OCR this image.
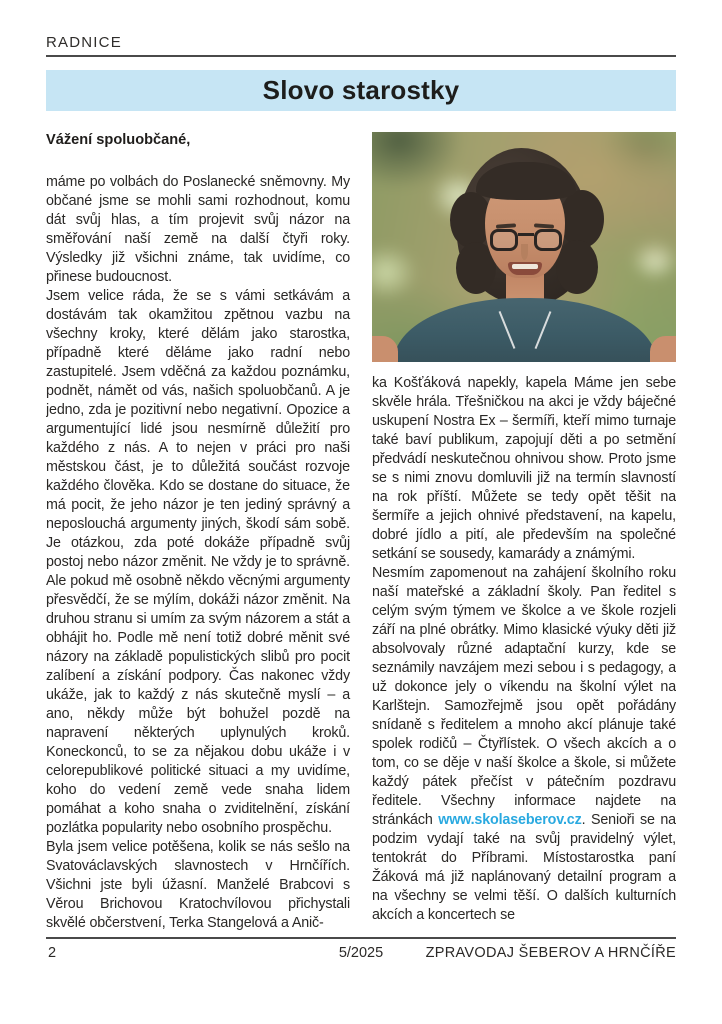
RADNICE
Slovo starostky

Vážení spoluobčané,

máme po volbách do Poslanecké sněmovny. My občané jsme se mohli sami rozhodnout, komu dát svůj hlas, a tím projevit svůj názor na směřování naší země na další čtyři roky. Výsledky již všichni známe, tak uvidíme, co přinese budoucnost.

Jsem velice ráda, že se s vámi setkávám a dostávám tak okamžitou zpětnou vazbu na všechny kroky, které dělám jako starostka, případně které děláme jako radní nebo zastupitelé. Jsem vděčná za každou poznámku, podnět, námět od vás, našich spoluobčanů. A je jedno, zda je pozitivní nebo negativní. Opozice a argumentující lidé jsou nesmírně důležití pro každého z nás. A to nejen v práci pro naši městskou část, je to důležitá součást rozvoje každého člověka. Kdo se dostane do situace, že má pocit, že jeho názor je ten jediný správný a neposlouchá argumenty jiných, škodí sám sobě. Je otázkou, zda poté dokáže případně svůj postoj nebo názor změnit. Ne vždy je to správně. Ale pokud mě osobně někdo věcnými argumenty přesvědčí, že se mýlím, dokáži názor změnit. Na druhou stranu si umím za svým názorem a stát a obhájit ho. Podle mě není totiž dobré měnit své názory na základě populistických slibů pro pocit zalíbení a získání podpory. Čas nakonec vždy ukáže, jak to každý z nás skutečně myslí – a ano, někdy může být bohužel pozdě na napravení některých uplynulých kroků. Koneckonců, to se za nějakou dobu ukáže i v celorepublikové politické situaci a my uvidíme, koho do vedení země vede snaha lidem pomáhat a koho snaha o zviditelnění, získání pozlátka popularity nebo osobního prospěchu.

Byla jsem velice potěšena, kolik se nás sešlo na Svatováclavských slavnostech v Hrnčířích. Všichni jste byli úžasní. Manželé Brabcovi s Věrou Brichovou Kratochvílovou přichystali skvělé občerstvení, Terka Stangelová a Anič-

ka Košťáková napekly, kapela Máme jen sebe skvěle hrála. Třešničkou na akci je vždy báječné uskupení Nostra Ex – šermíři, kteří mimo turnaje také baví publikum, zapojují děti a po setmění předvádí neskutečnou ohnivou show. Proto jsme se s nimi znovu domluvili již na termín slavností na rok příští. Můžete se tedy opět těšit na šermíře a jejich ohnivé představení, na kapelu, dobré jídlo a pití, ale především na společné setkání se sousedy, kamarády a známými.

Nesmím zapomenout na zahájení školního roku naší mateřské a základní školy. Pan ředitel s celým svým týmem ve školce a ve škole rozjeli září na plné obrátky. Mimo klasické výuky děti již absolvovaly různé adaptační kurzy, kde se seznámily navzájem mezi sebou i s pedagogy, a už dokonce jely o víkendu na školní výlet na Karlštejn. Samozřejmě jsou opět pořádány snídaně s ředitelem a mnoho akcí plánuje také spolek rodičů – Čtyřlístek. O všech akcích a o tom, co se děje v naší školce a škole, si můžete každý pátek přečíst v pátečním pozdravu ředitele. Všechny informace najdete na stránkách www.skolaseberov.cz. Senioři se na podzim vydají také na svůj pravidelný výlet, tentokrát do Příbrami. Místostarostka paní Žáková má již naplánovaný detailní program a na všechny se velmi těší. O dalších kulturních akcích a koncertech se

2	5/2025	ZPRAVODAJ ŠEBEROV A HRNČÍŘE
